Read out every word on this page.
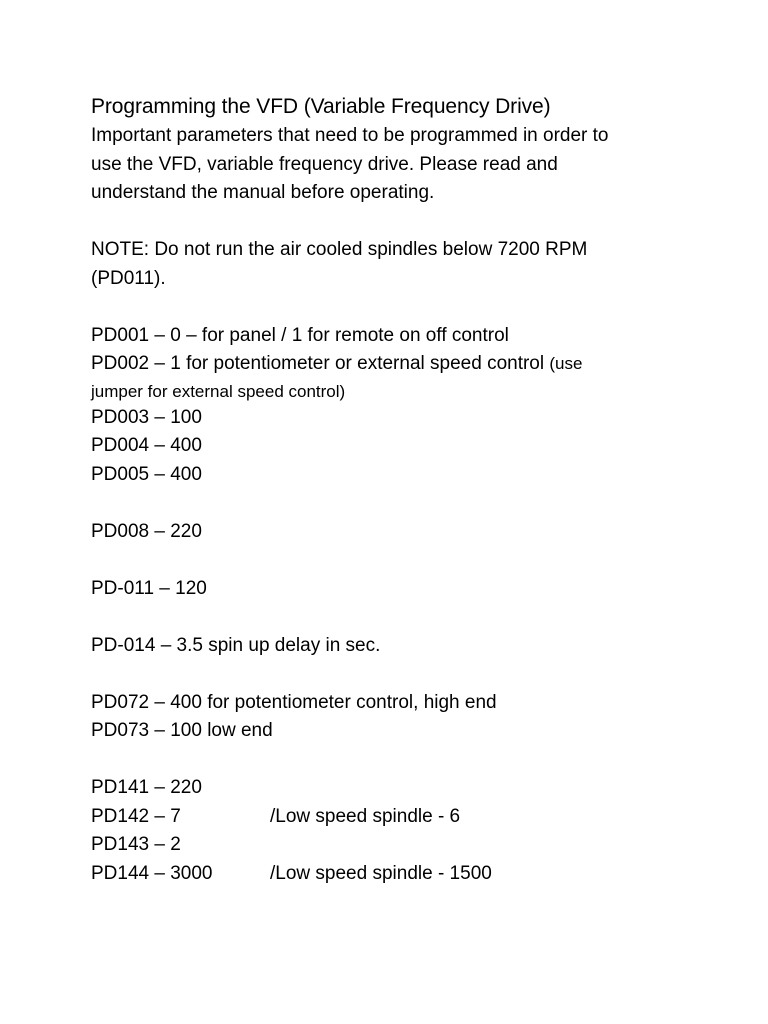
Programming the VFD (Variable Frequency Drive)

Important parameters that need to be programmed in order to

use the VFD, variable frequency drive. Please read and

understand the manual before operating.

NOTE: Do not run the air cooled spindles below 7200 RPM

(PD011).

PD001 – 0 – for panel / 1 for remote on off control

PD002 – 1 for potentiometer or external speed control (use

jumper for external speed control)

PD003 – 100

PD004 – 400

PD005 – 400

PD008 – 220

PD-011 – 120

PD-014 – 3.5 spin up delay in sec.

PD072 – 400 for potentiometer control, high end

PD073 – 100 low end

PD141 – 220

PD142 – 7	/Low speed spindle - 6

PD143 – 2

PD144 – 3000	/Low speed spindle - 1500
